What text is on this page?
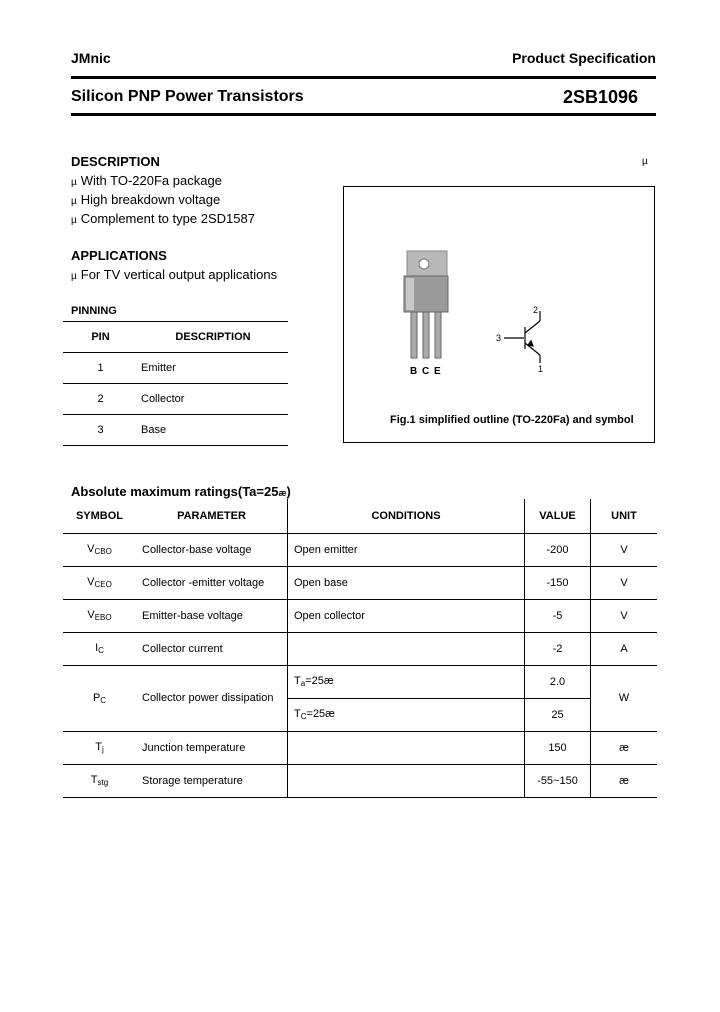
JMnic	Product Specification
Silicon PNP Power Transistors	2SB1096
DESCRIPTION
µ With TO-220Fa package
µ High breakdown voltage
µ Complement to type 2SD1587
APPLICATIONS
µ For TV vertical output applications
PINNING
PIN	DESCRIPTION
1	Emitter
2	Collector
3	Base
µ
2
3
1
B C E
Fig.1 simplified outline (TO-220Fa) and symbol
Absolute maximum ratings(Ta=25æ)
SYMBOL	PARAMETER	CONDITIONS	VALUE	UNIT
$V_{CBO}$	Collector-base voltage	Open emitter	-200	V
$V_{CEO}$	Collector -emitter voltage	Open base	-150	V
$V_{EBO}$	Emitter-base voltage	Open collector	-5	V
$I_C$	Collector current		-2	A
$P_C$	Collector power dissipation	$T_a=25æ$	2.0	W
		$T_C=25æ$	25	
$T_j$	Junction temperature		150	æ
$T_{stg}$	Storage temperature		-55~150	æ
